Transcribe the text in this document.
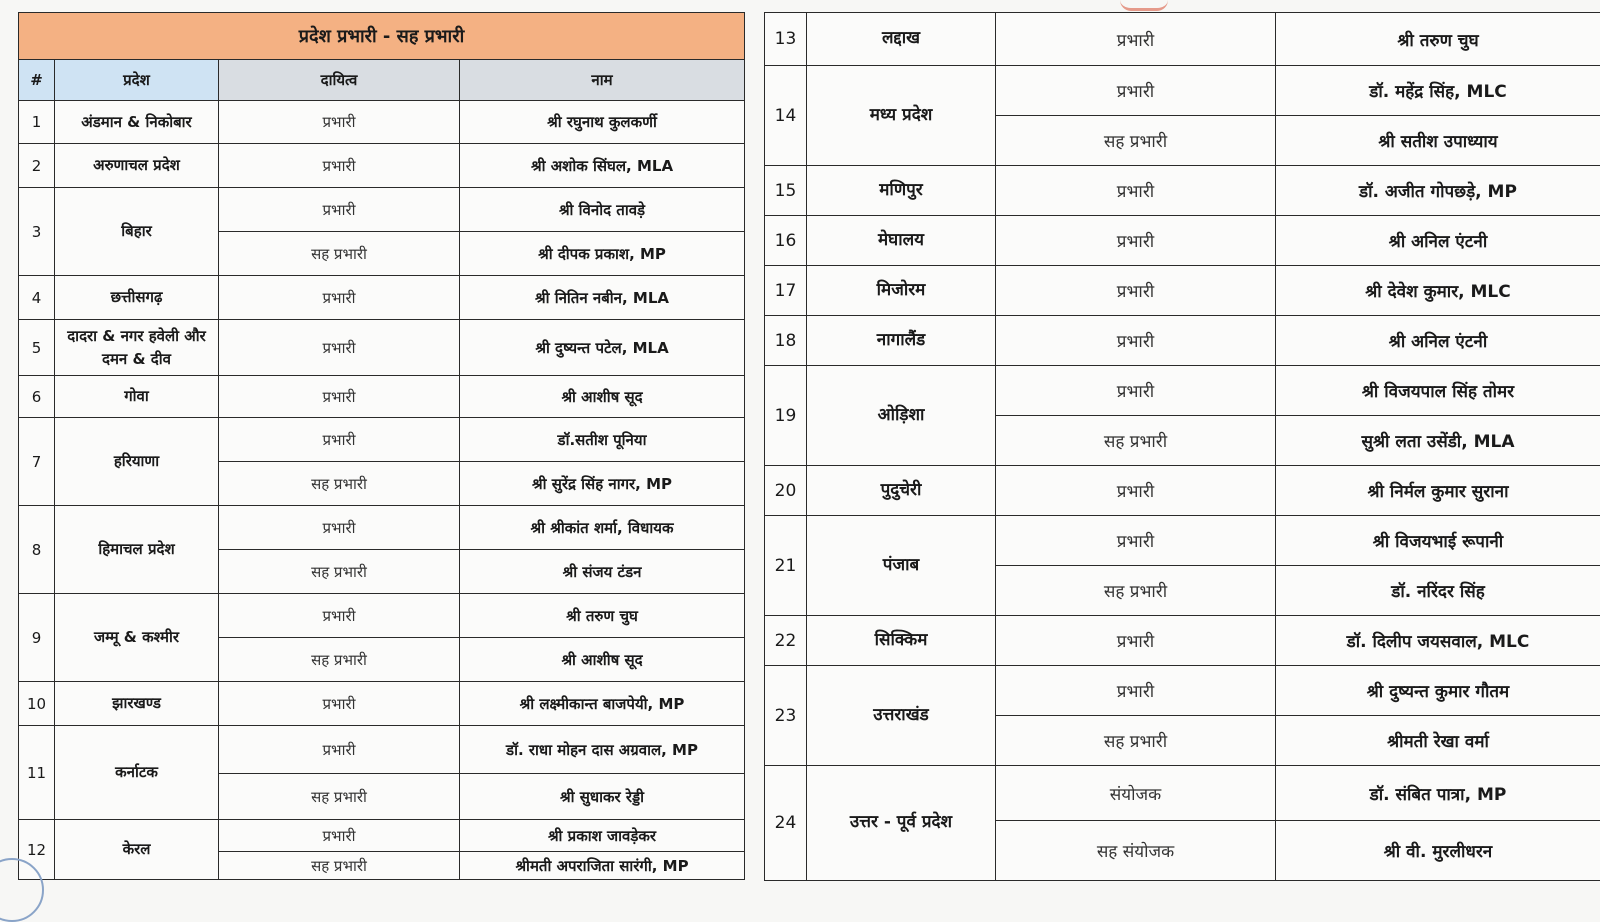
प्रदेश प्रभारी - सह प्रभारी			
#	प्रदेश	दायित्व	नाम
1	अंडमान & निकोबार	प्रभारी	श्री रघुनाथ कुलकर्णी
2	अरुणाचल प्रदेश	प्रभारी	श्री अशोक सिंघल, MLA
3	बिहार	प्रभारी	श्री विनोद तावड़े
		सह प्रभारी	श्री दीपक प्रकाश, MP
4	छत्तीसगढ़	प्रभारी	श्री नितिन नबीन, MLA
5	दादरा & नगर हवेली और दमन & दीव	प्रभारी	श्री दुष्यन्त पटेल, MLA
6	गोवा	प्रभारी	श्री आशीष सूद
7	हरियाणा	प्रभारी	डॉ.सतीश पूनिया
		सह प्रभारी	श्री सुरेंद्र सिंह नागर, MP
8	हिमाचल प्रदेश	प्रभारी	श्री श्रीकांत शर्मा, विधायक
		सह प्रभारी	श्री संजय टंडन
9	जम्मू & कश्मीर	प्रभारी	श्री तरुण चुघ
		सह प्रभारी	श्री आशीष सूद
10	झारखण्ड	प्रभारी	श्री लक्ष्मीकान्त बाजपेयी, MP
11	कर्नाटक	प्रभारी	डॉ. राधा मोहन दास अग्रवाल, MP
		सह प्रभारी	श्री सुधाकर रेड्डी
12	केरल	प्रभारी	श्री प्रकाश जावड़ेकर
		सह प्रभारी	श्रीमती अपराजिता सारंगी, MP
13	लद्दाख	प्रभारी	श्री तरुण चुघ
14	मध्य प्रदेश	प्रभारी	डॉ. महेंद्र सिंह, MLC
		सह प्रभारी	श्री सतीश उपाध्याय
15	मणिपुर	प्रभारी	डॉ. अजीत गोपछड़े, MP
16	मेघालय	प्रभारी	श्री अनिल एंटनी
17	मिजोरम	प्रभारी	श्री देवेश कुमार, MLC
18	नागालैंड	प्रभारी	श्री अनिल एंटनी
19	ओड़िशा	प्रभारी	श्री विजयपाल सिंह तोमर
		सह प्रभारी	सुश्री लता उसेंडी, MLA
20	पुदुचेरी	प्रभारी	श्री निर्मल कुमार सुराना
21	पंजाब	प्रभारी	श्री विजयभाई रूपानी
		सह प्रभारी	डॉ. नरिंदर सिंह
22	सिक्किम	प्रभारी	डॉ. दिलीप जयसवाल, MLC
23	उत्तराखंड	प्रभारी	श्री दुष्यन्त कुमार गौतम
		सह प्रभारी	श्रीमती रेखा वर्मा
24	उत्तर - पूर्व प्रदेश	संयोजक	डॉ. संबित पात्रा, MP
		सह संयोजक	श्री वी. मुरलीधरन
